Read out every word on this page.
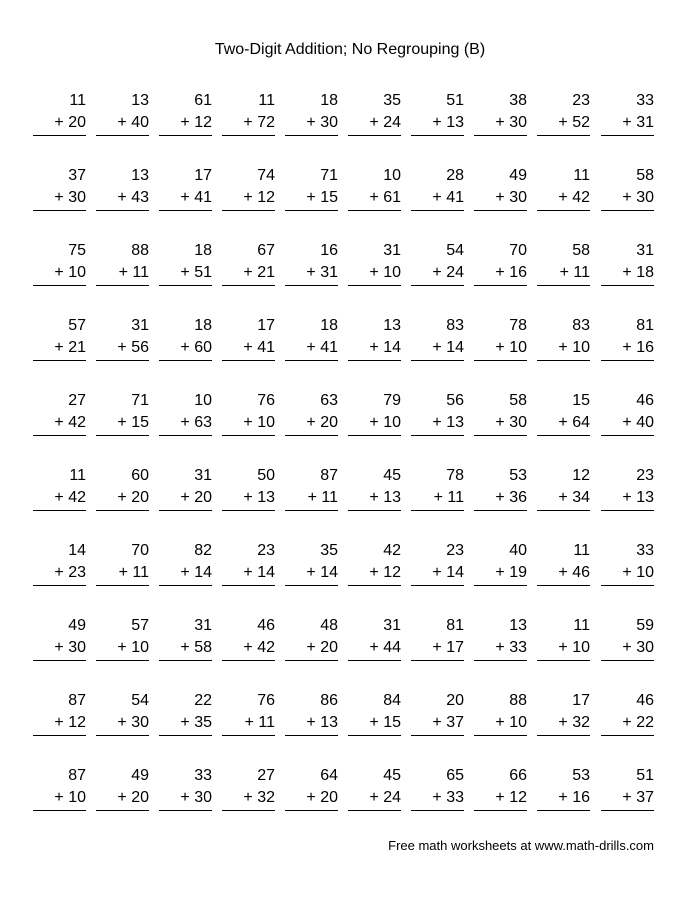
Two-Digit Addition; No Regrouping (B)
11
+ 20
13
+ 40
61
+ 12
11
+ 72
18
+ 30
35
+ 24
51
+ 13
38
+ 30
23
+ 52
33
+ 31
37
+ 30
13
+ 43
17
+ 41
74
+ 12
71
+ 15
10
+ 61
28
+ 41
49
+ 30
11
+ 42
58
+ 30
75
+ 10
88
+ 11
18
+ 51
67
+ 21
16
+ 31
31
+ 10
54
+ 24
70
+ 16
58
+ 11
31
+ 18
57
+ 21
31
+ 56
18
+ 60
17
+ 41
18
+ 41
13
+ 14
83
+ 14
78
+ 10
83
+ 10
81
+ 16
27
+ 42
71
+ 15
10
+ 63
76
+ 10
63
+ 20
79
+ 10
56
+ 13
58
+ 30
15
+ 64
46
+ 40
11
+ 42
60
+ 20
31
+ 20
50
+ 13
87
+ 11
45
+ 13
78
+ 11
53
+ 36
12
+ 34
23
+ 13
14
+ 23
70
+ 11
82
+ 14
23
+ 14
35
+ 14
42
+ 12
23
+ 14
40
+ 19
11
+ 46
33
+ 10
49
+ 30
57
+ 10
31
+ 58
46
+ 42
48
+ 20
31
+ 44
81
+ 17
13
+ 33
11
+ 10
59
+ 30
87
+ 12
54
+ 30
22
+ 35
76
+ 11
86
+ 13
84
+ 15
20
+ 37
88
+ 10
17
+ 32
46
+ 22
87
+ 10
49
+ 20
33
+ 30
27
+ 32
64
+ 20
45
+ 24
65
+ 33
66
+ 12
53
+ 16
51
+ 37
Free math worksheets at www.math-drills.com
